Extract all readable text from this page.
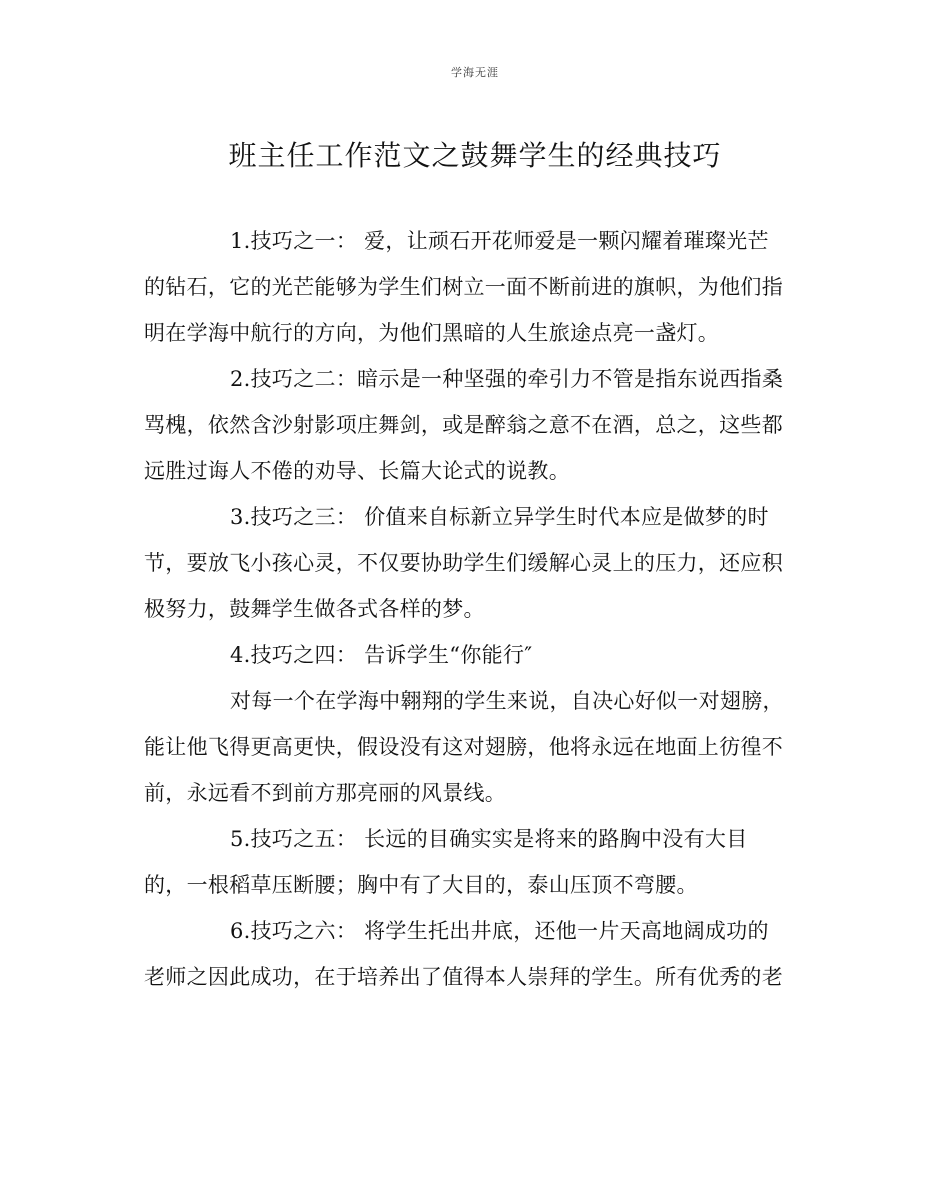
学海无涯
班主任工作范文之鼓舞学生的经典技巧
1.技巧之一： 爱，让顽石开花师爱是一颗闪耀着璀璨光芒
的钻石，它的光芒能够为学生们树立一面不断前进的旗帜，为他们指
明在学海中航行的方向，为他们黑暗的人生旅途点亮一盏灯。
2.技巧之二：暗示是一种坚强的牵引力不管是指东说西指桑
骂槐，依然含沙射影项庄舞剑，或是醉翁之意不在酒，总之，这些都
远胜过诲人不倦的劝导、长篇大论式的说教。
3.技巧之三： 价值来自标新立异学生时代本应是做梦的时
节，要放飞小孩心灵，不仅要协助学生们缓解心灵上的压力，还应积
极努力，鼓舞学生做各式各样的梦。
4.技巧之四： 告诉学生“你能行″
对每一个在学海中翱翔的学生来说，自决心好似一对翅膀，
能让他飞得更高更快，假设没有这对翅膀，他将永远在地面上彷徨不
前，永远看不到前方那亮丽的风景线。
5.技巧之五： 长远的目确实实是将来的路胸中没有大目
的，一根稻草压断腰；胸中有了大目的，泰山压顶不弯腰。
6.技巧之六： 将学生托出井底，还他一片天高地阔成功的
老师之因此成功，在于培养出了值得本人崇拜的学生。所有优秀的老
